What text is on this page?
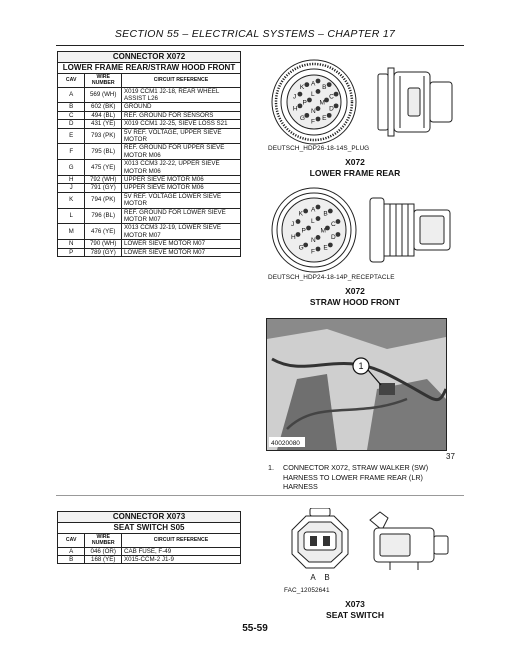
SECTION 55 – ELECTRICAL SYSTEMS – CHAPTER 17
CONNECTOR X072		
LOWER FRAME REAR/STRAW HOOD FRONT		
CAV	WIRE NUMBER	CIRCUIT REFERENCE
A	569 (WH)	X019 CCM1 J2-18, REAR WHEEL ASSIST L26
B	602 (BK)	GROUND
C	494 (BL)	REF. GROUND FOR SENSORS
D	431 (YE)	X019 CCM1 J2-25, SIEVE LOSS S21
E	793 (PK)	5V REF. VOLTAGE, UPPER SIEVE MOTOR
F	795 (BL)	REF. GROUND FOR UPPER SIEVE MOTOR M06
G	475 (YE)	X013 CCM3 J2-22, UPPER SIEVE MOTOR M06
H	792 (WH)	UPPER SIEVE MOTOR M06
J	791 (GY)	UPPER SIEVE MOTOR M06
K	794 (PK)	5V REF. VOLTAGE LOWER SIEVE MOTOR
L	796 (BL)	REF. GROUND FOR LOWER SIEVE MOTOR M07
M	476 (YE)	X013 CCM3 J2-19, LOWER SIEVE MOTOR M07
N	790 (WH)	LOWER SIEVE MOTOR M07
P	789 (GY)	LOWER SIEVE MOTOR M07
A
B
C
D
E
F
G
H
J
K
L
M
N
P
DEUTSCH_HDP26-18-14S_PLUG
X072
LOWER FRAME REAR
A
B
C
D
E
F
G
H
J
K
L
M
N
P
DEUTSCH_HDP24-18-14P_RECEPTACLE
X072
STRAW HOOD FRONT
1
40020080
37
1. CONNECTOR X072, STRAW WALKER (SW)
HARNESS TO LOWER FRAME REAR (LR)
HARNESS
CONNECTOR X073		
SEAT SWITCH S05		
CAV	WIRE NUMBER	CIRCUIT REFERENCE
A	046 (OR)	CAB FUSE, F-49
B	168 (YE)	X015-CCM-2 J1-9
A B
FAC_12052641
X073
SEAT SWITCH
55-59
